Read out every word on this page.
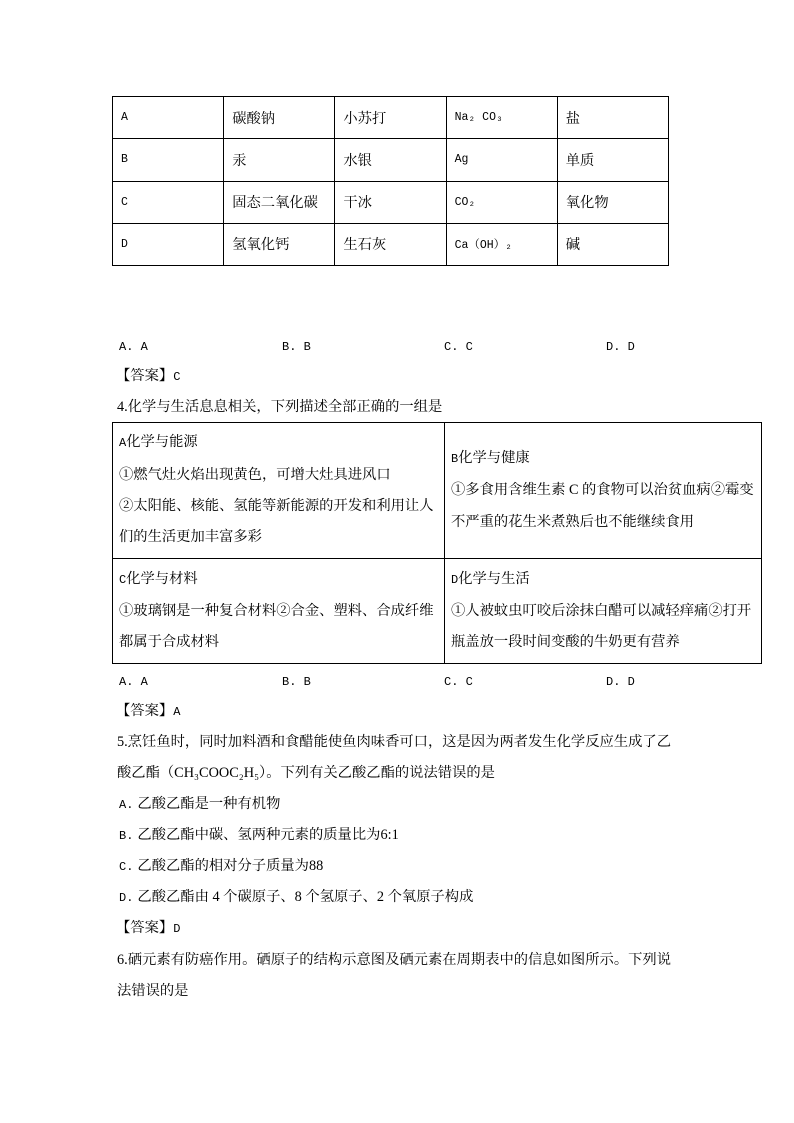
A	碳酸钠	小苏打	Na₂ CO₃	盐
B	汞	水银	Ag	单质
C	固态二氧化碳	干冰	CO₂	氧化物
D	氢氧化钙	生石灰	Ca（OH）₂	碱
A. A	B. B	C. C	D. D
【答案】C
4.化学与生活息息相关，下列描述全部正确的一组是
A化学与能源
①燃气灶火焰出现黄色，可增大灶具进风口
②太阳能、核能、氢能等新能源的开发和利用让人
们的生活更加丰富多彩
B化学与健康
①多食用含维生素 C 的食物可以治贫血病②霉变
不严重的花生米煮熟后也不能继续食用
C化学与材料
①玻璃钢是一种复合材料②合金、塑料、合成纤维
都属于合成材料
D化学与生活
①人被蚊虫叮咬后涂抹白醋可以减轻痒痛②打开
瓶盖放一段时间变酸的牛奶更有营养
A. A	B. B	C. C	D. D
【答案】A
5.烹饪鱼时，同时加料酒和食醋能使鱼肉味香可口，这是因为两者发生化学反应生成了乙
酸乙酯（CH₃COOC₂H₅）。下列有关乙酸乙酯的说法错误的是
A. 乙酸乙酯是一种有机物
B. 乙酸乙酯中碳、氢两种元素的质量比为6:1
C. 乙酸乙酯的相对分子质量为88
D. 乙酸乙酯由 4 个碳原子、8 个氢原子、2 个氧原子构成
【答案】D
6.硒元素有防癌作用。硒原子的结构示意图及硒元素在周期表中的信息如图所示。下列说
法错误的是
